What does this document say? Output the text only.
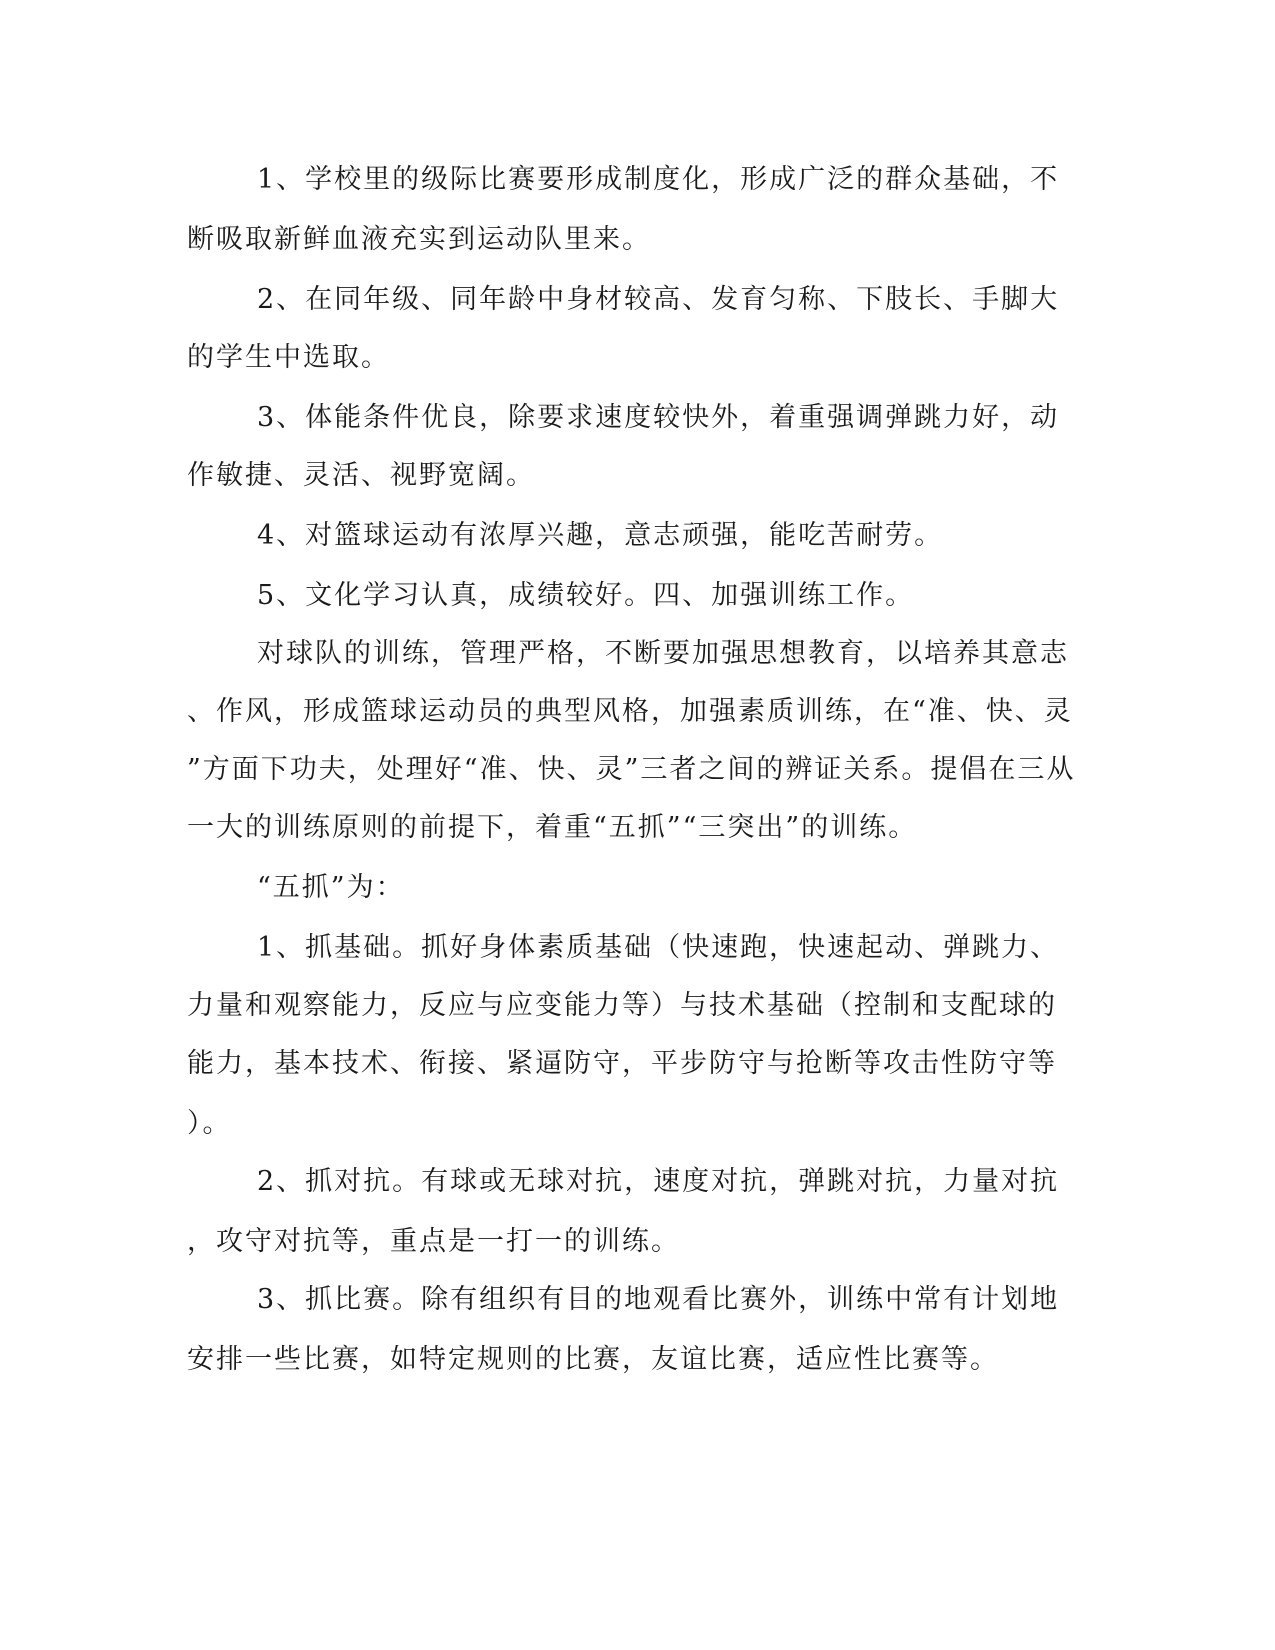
1、学校里的级际比赛要形成制度化，形成广泛的群众基础，不
断吸取新鲜血液充实到运动队里来。
2、在同年级、同年龄中身材较高、发育匀称、下肢长、手脚大
的学生中选取。
3、体能条件优良，除要求速度较快外，着重强调弹跳力好，动
作敏捷、灵活、视野宽阔。
4、对篮球运动有浓厚兴趣，意志顽强，能吃苦耐劳。
5、文化学习认真，成绩较好。四、加强训练工作。
对球队的训练，管理严格，不断要加强思想教育，以培养其意志
、作风，形成篮球运动员的典型风格，加强素质训练，在“准、快、灵
”方面下功夫，处理好“准、快、灵”三者之间的辨证关系。提倡在三从
一大的训练原则的前提下，着重“五抓”“三突出”的训练。
“五抓”为：
1、抓基础。抓好身体素质基础（快速跑，快速起动、弹跳力、
力量和观察能力，反应与应变能力等）与技术基础（控制和支配球的
能力，基本技术、衔接、紧逼防守，平步防守与抢断等攻击性防守等
）。
2、抓对抗。有球或无球对抗，速度对抗，弹跳对抗，力量对抗
，攻守对抗等，重点是一打一的训练。
3、抓比赛。除有组织有目的地观看比赛外，训练中常有计划地
安排一些比赛，如特定规则的比赛，友谊比赛，适应性比赛等。
